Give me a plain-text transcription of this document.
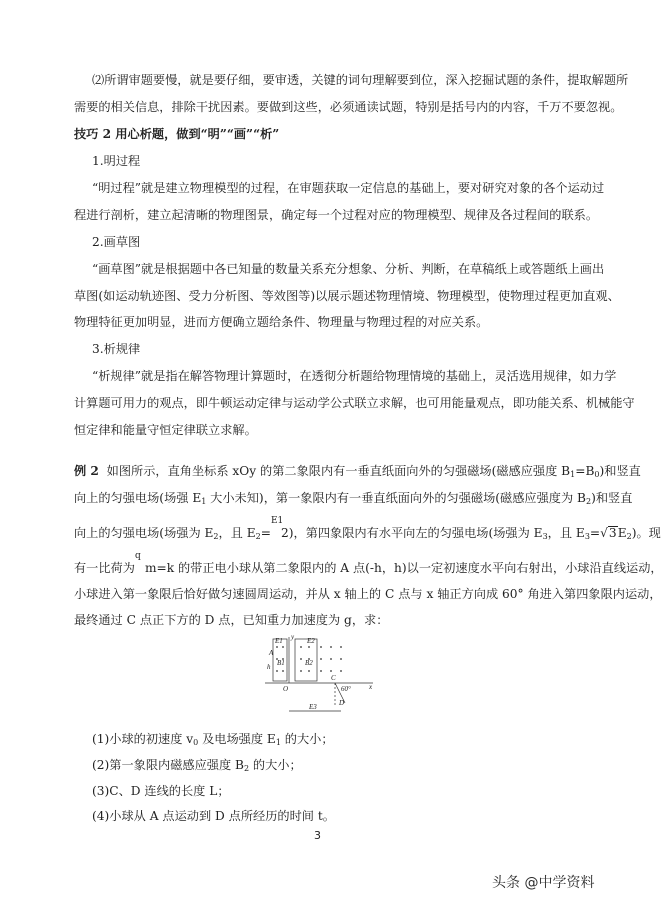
⑵所谓审题要慢，就是要仔细，要审透，关键的词句理解要到位，深入挖掘试题的条件，提取解题所
需要的相关信息，排除干扰因素。要做到这些，必须通读试题，特别是括号内的内容，千万不要忽视。
技巧 2 用心析题，做到“明”“画”“析”
1.明过程
“明过程”就是建立物理模型的过程，在审题获取一定信息的基础上，要对研究对象的各个运动过
程进行剖析，建立起清晰的物理图景，确定每一个过程对应的物理模型、规律及各过程间的联系。
2.画草图
“画草图”就是根据题中各已知量的数量关系充分想象、分析、判断，在草稿纸上或答题纸上画出
草图(如运动轨迹图、受力分析图、等效图等)以展示题述物理情境、物理模型，使物理过程更加直观、
物理特征更加明显，进而方便确立题给条件、物理量与物理过程的对应关系。
3.析规律
“析规律”就是指在解答物理计算题时，在透彻分析题给物理情境的基础上，灵活选用规律，如力学
计算题可用力的观点，即牛顿运动定律与运动学公式联立求解，也可用能量观点，即功能关系、机械能守
恒定律和能量守恒定律联立求解。
例 2 如图所示，直角坐标系 xOy 的第二象限内有一垂直纸面向外的匀强磁场(磁感应强度 $B_1=B_0$)和竖直
向上的匀强电场(场强 $E_1$ 大小未知)，第一象限内有一垂直纸面向外的匀强磁场(磁感应强度为 $B_2$)和竖直
向上的匀强电场(场强为 $E_2$，且 $E_2=$
E1
2)，第四象限内有水平向左的匀强电场(场强为 $E_3$，且 $E_3=√3E_2$)。现
有一比荷为
q
m=k 的带正电小球从第二象限内的 A 点(-h，h)以一定初速度水平向右射出，小球沿直线运动，
小球进入第一象限后恰好做匀速圆周运动，并从 x 轴上的 C 点与 x 轴正方向成 60° 角进入第四象限内运动，
最终通过 C 点正下方的 D 点，已知重力加速度为 g，求：
E1	E2
B1	B2
A
h
y
O
C
x
60°
D
E3
(1)小球的初速度 $v_0$ 及电场强度 $E_1$ 的大小；
(2)第一象限内磁感应强度 $B_2$ 的大小；
(3)C、D 连线的长度 L；
(4)小球从 A 点运动到 D 点所经历的时间 t。
3
头条 @中学资料
